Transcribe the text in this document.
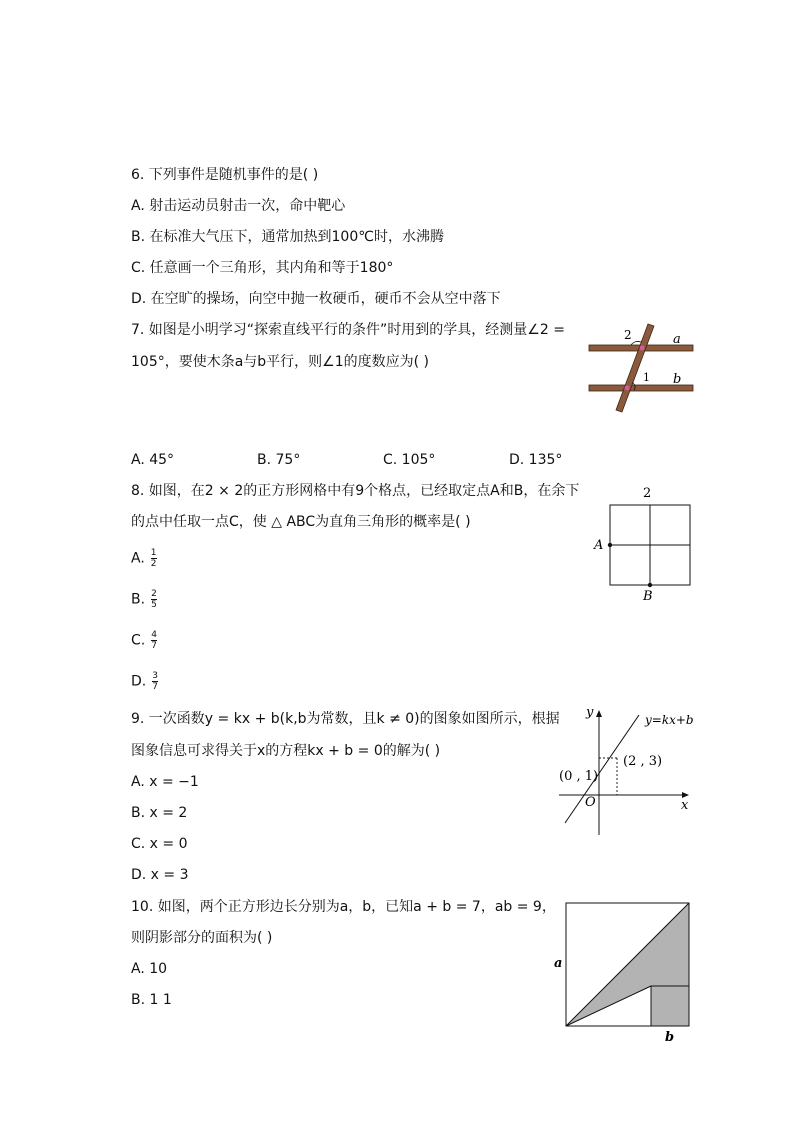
6. 下列事件是随机事件的是( )
A. 射击运动员射击一次，命中靶心
B. 在标准大气压下，通常加热到100℃时，水沸腾
C. 任意画一个三角形，其内角和等于180°
D. 在空旷的操场，向空中抛一枚硬币，硬币不会从空中落下
7. 如图是小明学习“探索直线平行的条件”时用到的学具，经测量∠2 =
105°，要使木条a与b平行，则∠1的度数应为( )
A. 45°	B. 75°	C. 105°	D. 135°
2
1
a
b
8. 如图，在2 × 2的正方形网格中有9个格点，已经取定点A和B，在余下
的点中任取一点C，使 △ ABC为直角三角形的概率是( )
A. $\frac{1}{2}$
B. $\frac{2}{5}$
C. $\frac{4}{7}$
D. $\frac{3}{7}$
2
A
B
9. 一次函数y = kx + b(k,b为常数，且k ≠ 0)的图象如图所示，根据
图象信息可求得关于x的方程kx + b = 0的解为( )
A. x = −1
B. x = 2
C. x = 0
D. x = 3
y
x
O
y=kx+b
(0 , 1)
(2 , 3)
10. 如图，两个正方形边长分别为a，b，已知a + b = 7，ab = 9，
则阴影部分的面积为( )
A. 10
B. 1 1
a
b
